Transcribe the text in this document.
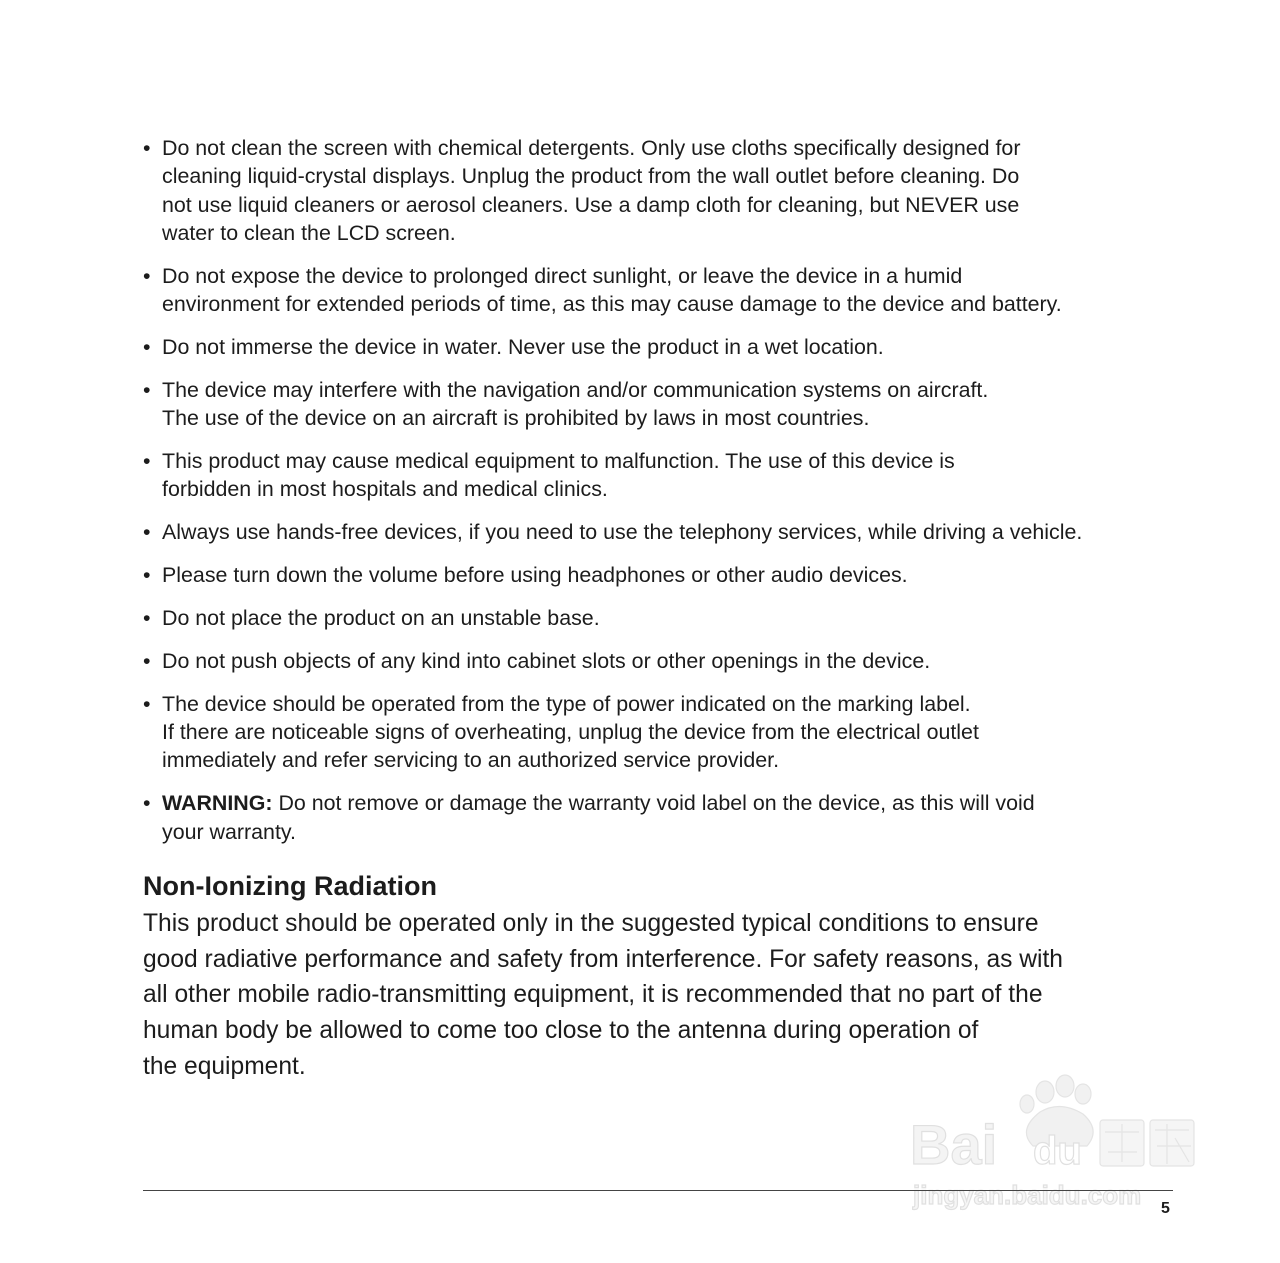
• Do not clean the screen with chemical detergents. Only use cloths specifically designed for
cleaning liquid-crystal displays. Unplug the product from the wall outlet before cleaning. Do
not use liquid cleaners or aerosol cleaners. Use a damp cloth for cleaning, but NEVER use
water to clean the LCD screen.
• Do not expose the device to prolonged direct sunlight, or leave the device in a humid
environment for extended periods of time, as this may cause damage to the device and battery.
• Do not immerse the device in water. Never use the product in a wet location.
• The device may interfere with the navigation and/or communication systems on aircraft.
The use of the device on an aircraft is prohibited by laws in most countries.
• This product may cause medical equipment to malfunction. The use of this device is
forbidden in most hospitals and medical clinics.
• Always use hands-free devices, if you need to use the telephony services, while driving a vehicle.
• Please turn down the volume before using headphones or other audio devices.
• Do not place the product on an unstable base.
• Do not push objects of any kind into cabinet slots or other openings in the device.
• The device should be operated from the type of power indicated on the marking label.
If there are noticeable signs of overheating, unplug the device from the electrical outlet
immediately and refer servicing to an authorized service provider.
• WARNING: Do not remove or damage the warranty void label on the device, as this will void
your warranty.
Non-Ionizing Radiation

This product should be operated only in the suggested typical conditions to ensure
good radiative performance and safety from interference. For safety reasons, as with
all other mobile radio-transmitting equipment, it is recommended that no part of the
human body be allowed to come too close to the antenna during operation of
the equipment.

Bai du
jingyan.baidu.com 5
